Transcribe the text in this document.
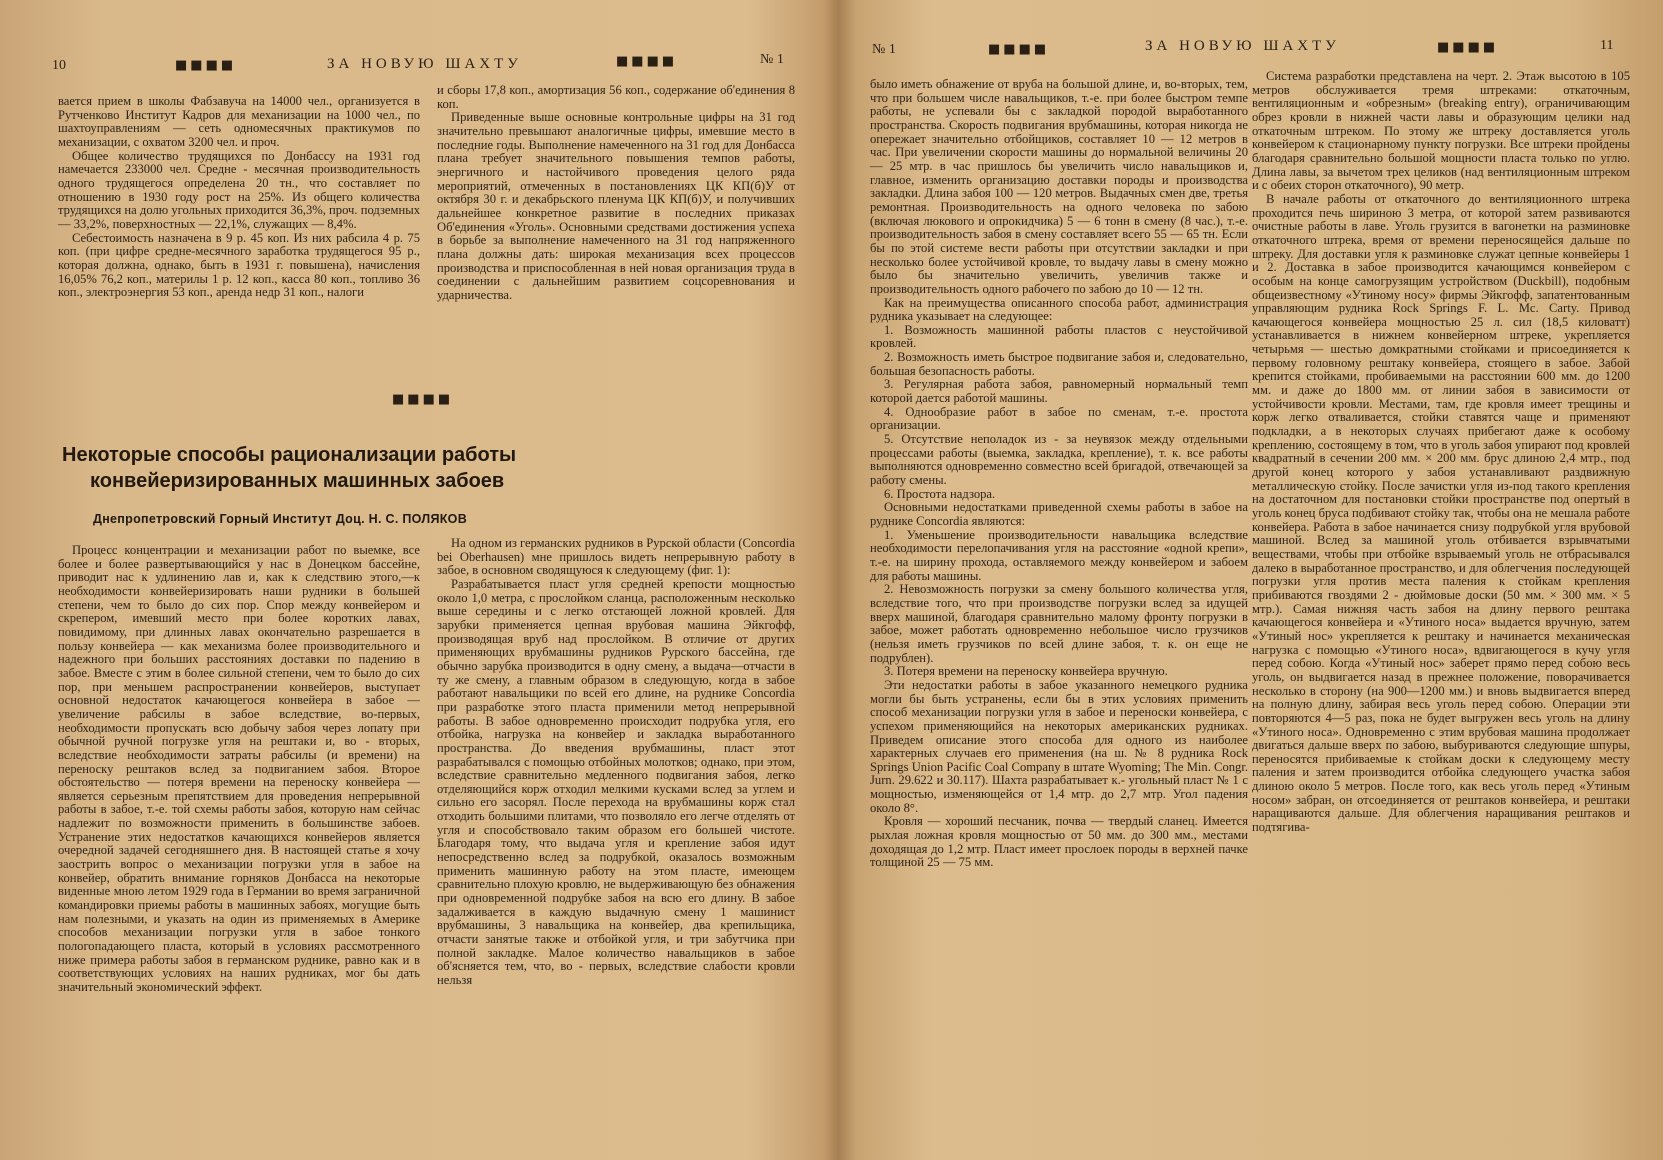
10	■■■■	ЗА НОВУЮ ШАХТУ	■■■■	№ 1

вается прием в школы Фабзавуча на 14000 чел., организуется в Рутченково Институт Кадров для механизации на 1000 чел., по шахтоуправлениям — сеть одномесячных практикумов по механизации, с охватом 3200 чел. и проч.

Общее количество трудящихся по Донбассу на 1931 год намечается 233000 чел. Средне - месячная производительность одного трудящегося определена 20 тн., что составляет по отношению в 1930 году рост на 25%. Из общего количества трудящихся на долю угольных приходится 36,3%, проч. подземных — 33,2%, поверхностных — 22,1%, служащих — 8,4%.

Себестоимость назначена в 9 р. 45 коп. Из них рабсила 4 р. 75 коп. (при цифре средне-месячного заработка трудящегося 95 р., которая должна, однако, быть в 1931 г. повышена), начисления 16,05% 76,2 коп., материлы 1 р. 12 коп., касса 80 коп., топливо 36 коп., электроэнергия 53 коп., аренда недр 31 коп., налоги

и сборы 17,8 коп., амортизация 56 коп., содержание об'единения 8 коп.

Приведенные выше основные контрольные цифры на 31 год значительно превышают аналогичные цифры, имевшие место в последние годы. Выполнение намеченного на 31 год для Донбасса плана требует значительного повышения темпов работы, энергичного и настойчивого проведения целого ряда мероприятий, отмеченных в постановлениях ЦК КП(б)У от октября 30 г. и декабрьского пленума ЦК КП(б)У, и получивших дальнейшее конкретное развитие в последних приказах Об'единения «Уголь». Основными средствами достижения успеха в борьбе за выполнение намеченного на 31 год напряженного плана должны дать: широкая механизация всех процессов производства и приспособленная в ней новая организация труда в соединении с дальнейшим развитием соцсоревнования и ударничества.

■■■■
Некоторые способы рационализации работы
конвейеризированных машинных забоев
Днепропетровский Горный Институт Доц. Н. С. ПОЛЯКОВ

Процесс концентрации и механизации работ по выемке, все более и более развертывающийся у нас в Донецком бассейне, приводит нас к удлинению лав и, как к следствию этого,—к необходимости конвейеризировать наши рудники в большей степени, чем то было до сих пор. Спор между конвейером и скрепером, имевший место при более коротких лавах, повидимому, при длинных лавах окончательно разрешается в пользу конвейера — как механизма более производительного и надежного при больших расстояниях доставки по падению в забое. Вместе с этим в более сильной степени, чем то было до сих пор, при меньшем распространении конвейеров, выступает основной недостаток качающегося конвейера в забое — увеличение рабсилы в забое вследствие, во-первых, необходимости пропускать всю добычу забоя через лопату при обычной ручной погрузке угля на рештаки и, во - вторых, вследствие необходимости затраты рабсилы (и времени) на переноску рештаков вслед за подвиганием забоя. Второе обстоятельство — потеря времени на переноску конвейера — является серьезным препятствием для проведения непрерывной работы в забое, т.-е. той схемы работы забоя, которую нам сейчас надлежит по возможности применить в большинстве забоев. Устранение этих недостатков качающихся конвейеров является очередной задачей сегодняшнего дня. В настоящей статье я хочу заострить вопрос о механизации погрузки угля в забое на конвейер, обратить внимание горняков Донбасса на некоторые виденные мною летом 1929 года в Германии во время заграничной командировки приемы работы в машинных забоях, могущие быть нам полезными, и указать на один из применяемых в Америке способов механизации погрузки угля в забое тонкого пологопадающего пласта, который в условиях рассмотренного ниже примера работы забоя в германском руднике, равно как и в соответствующих условиях на наших рудниках, мог бы дать значительный экономический эффект.

На одном из германских рудников в Рурской области (Concordia bei Oberhausen) мне пришлось видеть непрерывную работу в забое, в основном сводящуюся к следующему (фиг. 1):

Разрабатывается пласт угля средней крепости мощностью около 1,0 метра, с прослойком сланца, расположенным несколько выше середины и с легко отстающей ложной кровлей. Для зарубки применяется цепная врубовая машина Эйкгофф, производящая вруб над прослойком. В отличие от других применяющих врубмашины рудников Рурского бассейна, где обычно зарубка производится в одну смену, а выдача—отчасти в ту же смену, а главным образом в следующую, когда в забое работают навальщики по всей его длине, на руднике Concordia при разработке этого пласта применили метод непрерывной работы. В забое одновременно происходит подрубка угля, его отбойка, нагрузка на конвейер и закладка выработанного пространства. До введения врубмашины, пласт этот разрабатывался с помощью отбойных молотков; однако, при этом, вследствие сравнительно медленного подвигания забоя, легко отделяющийся корж отходил мелкими кусками вслед за углем и сильно его засорял. После перехода на врубмашины корж стал отходить большими плитами, что позволяло его легче отделять от угля и способствовало таким образом его большей чистоте. Благодаря тому, что выдача угля и крепление забоя идут непосредственно вслед за подрубкой, оказалось возможным применить машинную работу на этом пласте, имеющем сравнительно плохую кровлю, не выдерживающую без обнажения при одновременной подрубке забоя на всю его длину. В забое задалживается в каждую выдачную смену 1 машинист врубмашины, 3 навальщика на конвейер, два крепильщика, отчасти занятые также и отбойкой угля, и три забутчика при полной закладке. Малое количество навальщиков в забое об'ясняется тем, что, во - первых, вследствие слабости кровли нельзя

№ 1	■■■■	ЗА НОВУЮ ШАХТУ	■■■■	11

было иметь обнажение от вруба на большой длине, и, во-вторых, тем, что при большем числе навальщиков, т.-е. при более быстром темпе работы, не успевали бы с закладкой породой выработанного пространства. Скорость подвигания врубмашины, которая никогда не опережает значительно отбойщиков, составляет 10 — 12 метров в час. При увеличении скорости машины до нормальной величины 20 — 25 мтр. в час пришлось бы увеличить число навальщиков и, главное, изменить организацию доставки породы и производства закладки. Длина забоя 100 — 120 метров. Выдачных смен две, третья ремонтная. Производительность на одного человека по забою (включая люкового и опрокидчика) 5 — 6 тонн в смену (8 час.), т.-е. производительность забоя в смену составляет всего 55 — 65 тн. Если бы по этой системе вести работы при отсутствии закладки и при несколько более устойчивой кровле, то выдачу лавы в смену можно было бы значительно увеличить, увеличив также и производительность одного рабочего по забою до 10 — 12 тн.

Как на преимущества описанного способа работ, администрация рудника указывает на следующее:

1. Возможность машинной работы пластов с неустойчивой кровлей.

2. Возможность иметь быстрое подвигание забоя и, следовательно, большая безопасность работы.

3. Регулярная работа забоя, равномерный нормальный темп которой дается работой машины.

4. Однообразие работ в забое по сменам, т.-е. простота организации.

5. Отсутствие неполадок из - за неувязок между отдельными процессами работы (выемка, закладка, крепление), т. к. все работы выполняются одновременно совместно всей бригадой, отвечающей за работу смены.

6. Простота надзора.

Основными недостатками приведенной схемы работы в забое на руднике Concordia являются:

1. Уменьшение производительности навальщика вследствие необходимости перелопачивания угля на расстояние «одной крепи», т.-е. на ширину прохода, оставляемого между конвейером и забоем для работы машины.

2. Невозможность погрузки за смену большого количества угля, вследствие того, что при производстве погрузки вслед за идущей вверх машиной, благодаря сравнительно малому фронту погрузки в забое, может работать одновременно небольшое число грузчиков (нельзя иметь грузчиков по всей длине забоя, т. к. он еще не подрублен).

3. Потеря времени на переноску конвейера вручную.

Эти недостатки работы в забое указанного немецкого рудника могли бы быть устранены, если бы в этих условиях применить способ механизации погрузки угля в забое и переноски конвейера, с успехом применяющийся на некоторых американских рудниках. Приведем описание этого способа для одного из наиболее характерных случаев его применения (на ш. № 8 рудника Rock Springs Union Pacific Coal Company в штате Wyoming; The Min. Congr. Jurn. 29.622 и 30.117). Шахта разрабатывает к.- угольный пласт № 1 с мощностью, изменяющейся от 1,4 мтр. до 2,7 мтр. Угол падения около 8°.

Кровля — хороший песчаник, почва — твердый сланец. Имеется рыхлая ложная кровля мощностью от 50 мм. до 300 мм., местами доходящая до 1,2 мтр. Пласт имеет прослоек породы в верхней пачке толщиной 25 — 75 мм.

Система разработки представлена на черт. 2. Этаж высотою в 105 метров обслуживается тремя штреками: откаточным, вентиляционным и «обрезным» (breaking entry), ограничивающим обрез кровли в нижней части лавы и образующим целики над откаточным штреком. По этому же штреку доставляется уголь конвейером к стационарному пункту погрузки. Все штреки пройдены благодаря сравнительно большой мощности пласта только по углю. Длина лавы, за вычетом трех целиков (над вентиляционным штреком и с обеих сторон откаточного), 90 метр.

В начале работы от откаточного до вентиляционного штрека проходится печь шириною 3 метра, от которой затем развиваются очистные работы в лаве. Уголь грузится в вагонетки на разминовке откаточного штрека, время от времени переносящейся дальше по штреку. Для доставки угля к разминовке служат цепные конвейеры 1 и 2. Доставка в забое производится качающимся конвейером с особым на конце самогрузящим устройством (Duckbill), подобным общеизвестному «Утиному носу» фирмы Эйкгофф, запатентованным управляющим рудника Rock Springs F. L. Mc. Carty. Привод качающегося конвейера мощностью 25 л. сил (18,5 киловатт) устанавливается в нижнем конвейерном штреке, укрепляется четырьмя — шестью домкратными стойками и присоединяется к первому головному рештаку конвейера, стоящего в забое. Забой крепится стойками, пробиваемыми на расстоянии 600 мм. до 1200 мм. и даже до 1800 мм. от линии забоя в зависимости от устойчивости кровли. Местами, там, где кровля имеет трещины и корж легко отваливается, стойки ставятся чаще и применяют подкладки, а в некоторых случаях прибегают даже к особому креплению, состоящему в том, что в уголь забоя упирают под кровлей квадратный в сечении 200 мм. × 200 мм. брус длиною 2,4 мтр., под другой конец которого у забоя устанавливают раздвижную металлическую стойку. После зачистки угля из-под такого крепления на достаточном для постановки стойки пространстве под опертый в уголь конец бруса подбивают стойку так, чтобы она не мешала работе конвейера. Работа в забое начинается снизу подрубкой угля врубовой машиной. Вслед за машиной уголь отбивается взрывчатыми веществами, чтобы при отбойке взрываемый уголь не отбрасывался далеко в выработанное пространство, и для облегчения последующей погрузки угля против места паления к стойкам крепления прибиваются гвоздями 2 - дюймовые доски (50 мм. × 300 мм. × 5 мтр.). Самая нижняя часть забоя на длину первого рештака качающегося конвейера и «Утиного носа» выдается вручную, затем «Утиный нос» укрепляется к рештаку и начинается механическая нагрузка с помощью «Утиного носа», вдвигающегося в кучу угля перед собою. Когда «Утиный нос» заберет прямо перед собою весь уголь, он выдвигается назад в прежнее положение, поворачивается несколько в сторону (на 900—1200 мм.) и вновь выдвигается вперед на полную длину, забирая весь уголь перед собою. Операции эти повторяются 4—5 раз, пока не будет выгружен весь уголь на длину «Утиного носа». Одновременно с этим врубовая машина продолжает двигаться дальше вверх по забою, выбуриваются следующие шпуры, переносятся прибиваемые к стойкам доски к следующему месту паления и затем производится отбойка следующего участка забоя длиною около 5 метров. После того, как весь уголь перед «Утиным носом» забран, он отсоединяется от рештаков конвейера, и рештаки наращиваются дальше. Для облегчения наращивания рештаков и подтягива-
